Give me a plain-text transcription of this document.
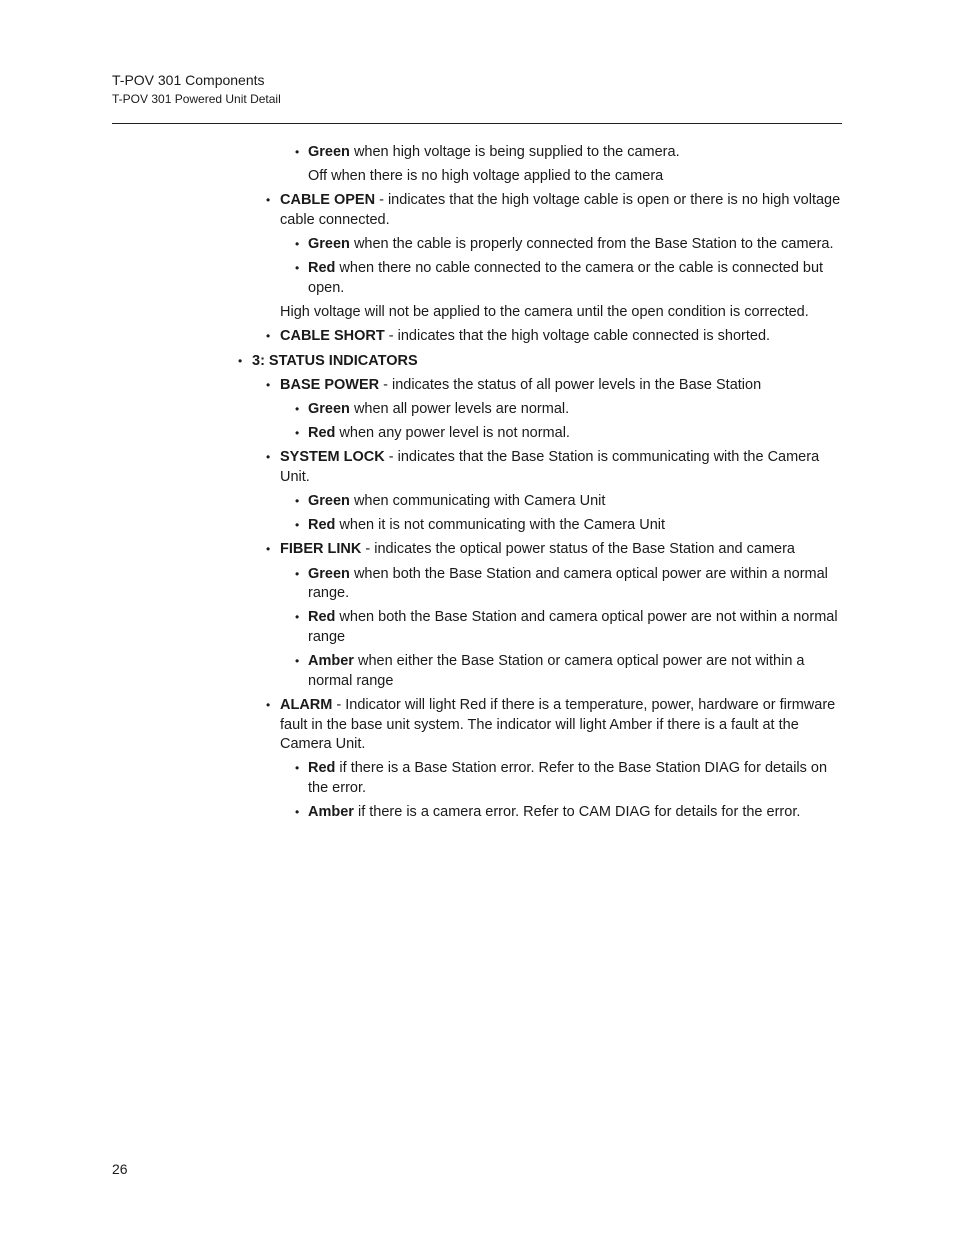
T-POV 301 Components
T-POV 301 Powered Unit Detail
• Green when high voltage is being supplied to the camera.
Off when there is no high voltage applied to the camera
• CABLE OPEN - indicates that the high voltage cable is open or there is no high voltage cable connected.
• Green when the cable is properly connected from the Base Station to the camera.
• Red when there no cable connected to the camera or the cable is connected but open.
High voltage will not be applied to the camera until the open condition is corrected.
• CABLE SHORT - indicates that the high voltage cable connected is shorted.
• 3: STATUS INDICATORS
• BASE POWER - indicates the status of all power levels in the Base Station
• Green when all power levels are normal.
• Red when any power level is not normal.
• SYSTEM LOCK - indicates that the Base Station is communicating with the Camera Unit.
• Green when communicating with Camera Unit
• Red when it is not communicating with the Camera Unit
• FIBER LINK - indicates the optical power status of the Base Station and camera
• Green when both the Base Station and camera optical power are within a normal range.
• Red when both the Base Station and camera optical power are not within a normal range
• Amber when either the Base Station or camera optical power are not within a normal range
• ALARM - Indicator will light Red if there is a temperature, power, hardware or firmware fault in the base unit system. The indicator will light Amber if there is a fault at the Camera Unit.
• Red if there is a Base Station error. Refer to the Base Station DIAG for details on the error.
• Amber if there is a camera error. Refer to CAM DIAG for details for the error.
26
